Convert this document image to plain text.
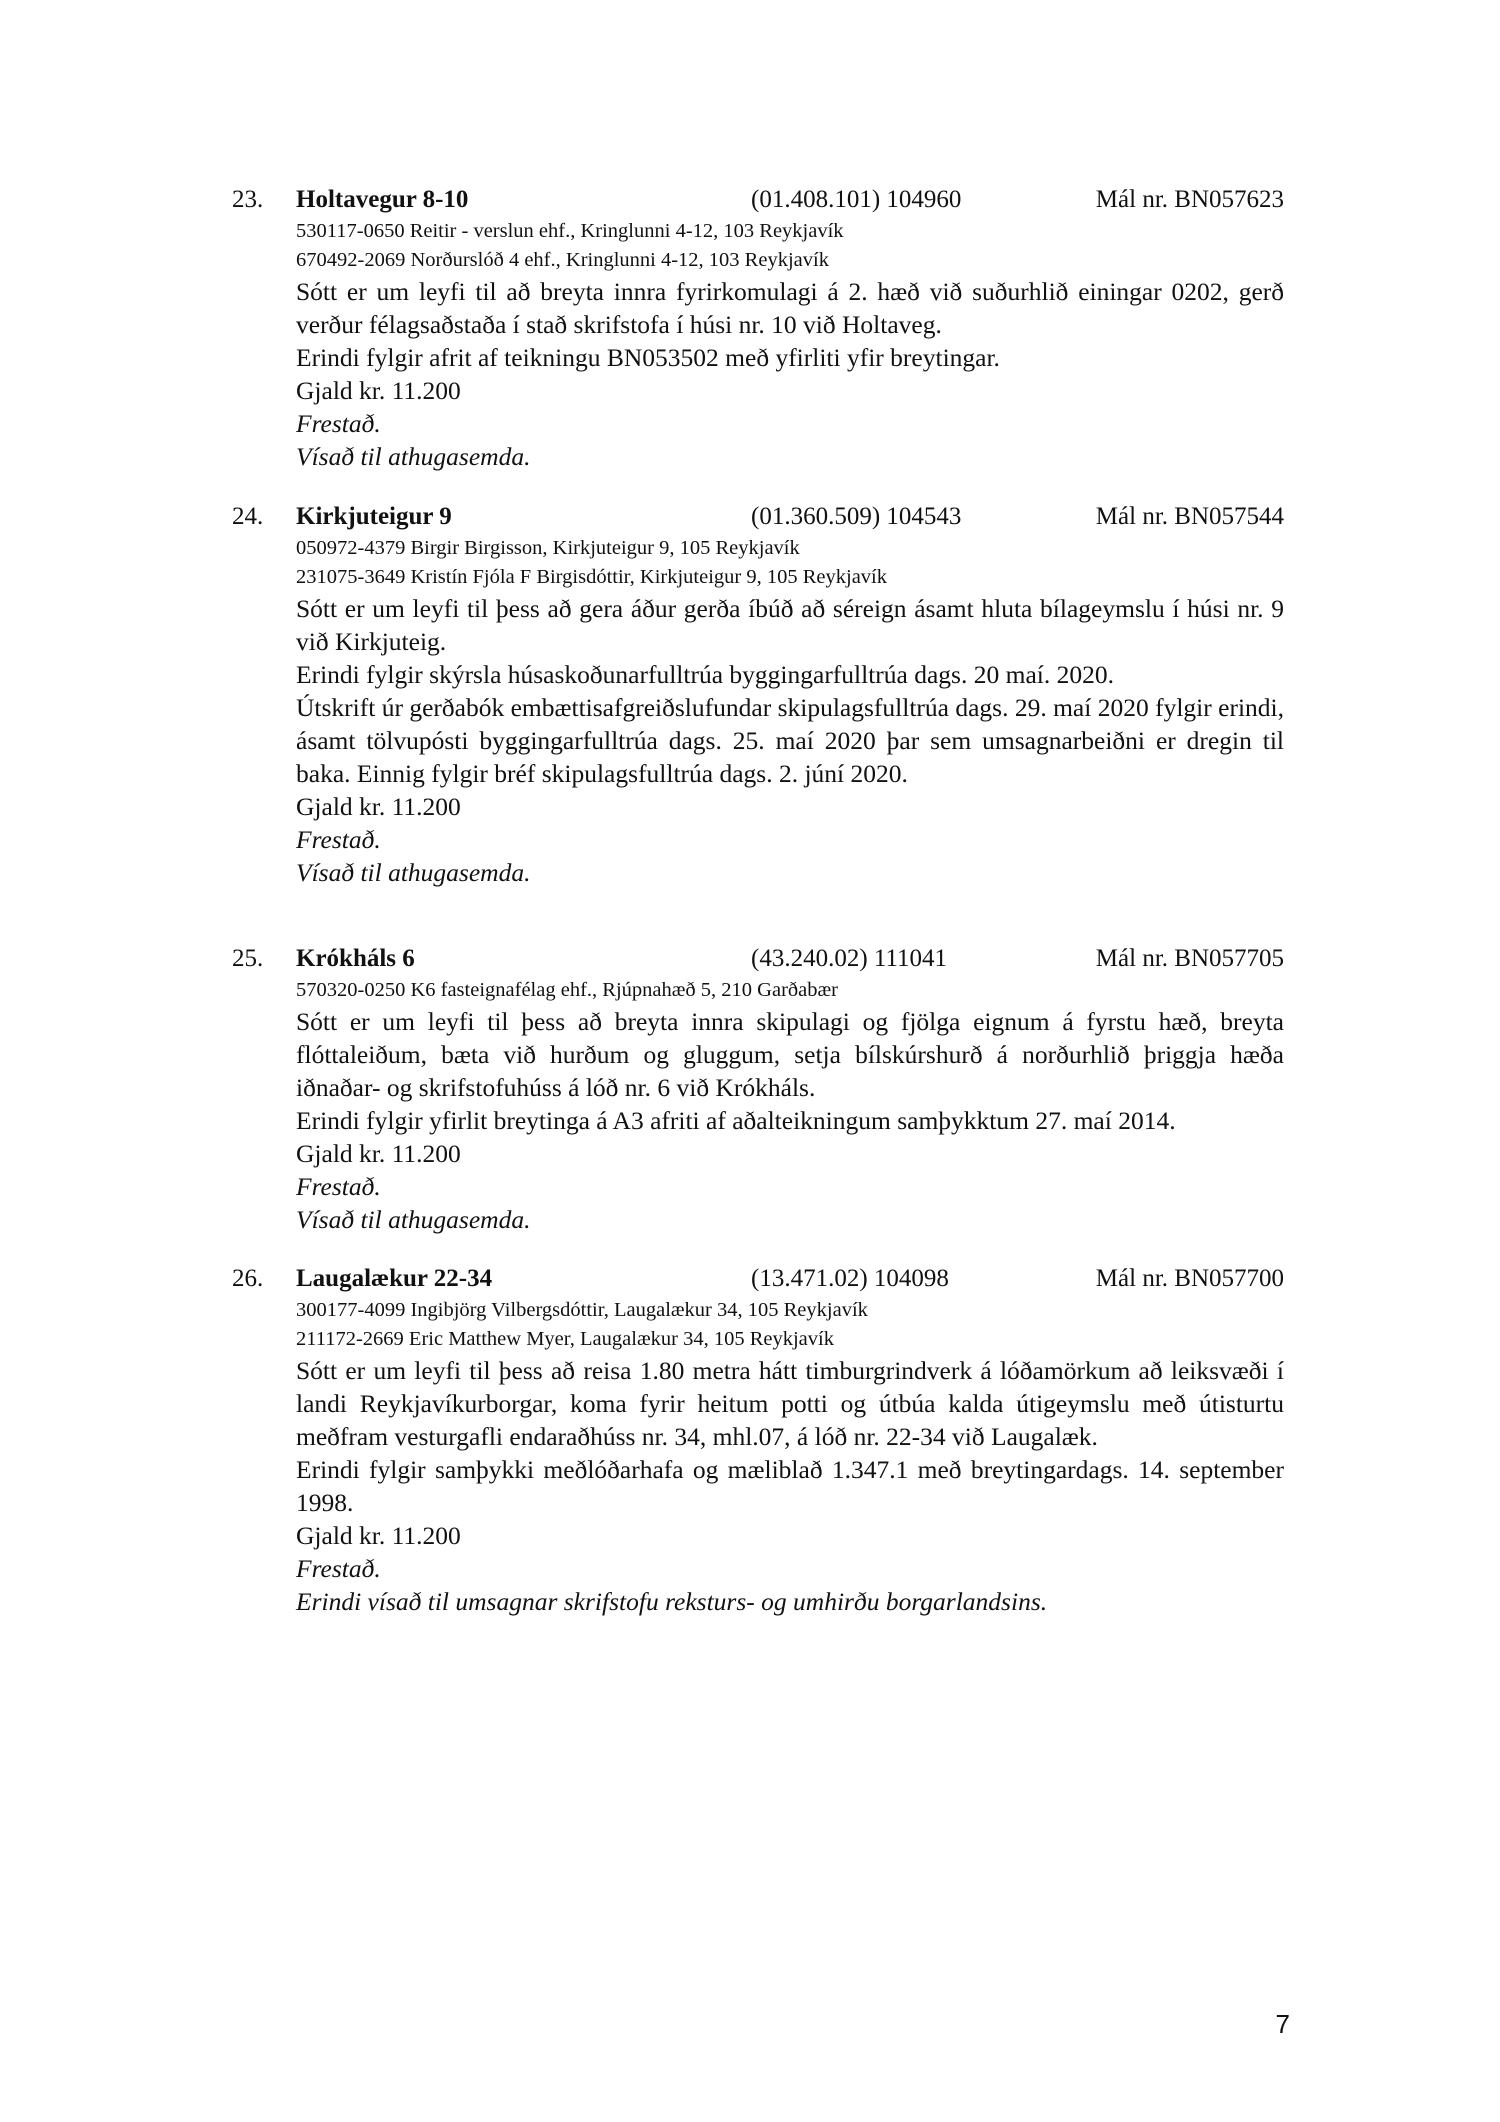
23. Holtavegur 8-10	(01.408.101) 104960	Mál nr. BN057623
530117-0650 Reitir - verslun ehf., Kringlunni 4-12, 103 Reykjavík
670492-2069 Norðurslóð 4 ehf., Kringlunni 4-12, 103 Reykjavík
Sótt er um leyfi til að breyta innra fyrirkomulagi á 2. hæð við suðurhlið einingar 0202, gerð verður félagsaðstaða í stað skrifstofa í húsi nr. 10 við Holtaveg.
Erindi fylgir afrit af teikningu BN053502 með yfirliti yfir breytingar.
Gjald kr. 11.200
Frestað.
Vísað til athugasemda.
24. Kirkjuteigur 9	(01.360.509) 104543	Mál nr. BN057544
050972-4379 Birgir Birgisson, Kirkjuteigur 9, 105 Reykjavík
231075-3649 Kristín Fjóla F Birgisdóttir, Kirkjuteigur 9, 105 Reykjavík
Sótt er um leyfi til þess að gera áður gerða íbúð að séreign ásamt hluta bílageymslu í húsi nr. 9 við Kirkjuteig.
Erindi fylgir skýrsla húsaskoðunarfulltrúa byggingarfulltrúa dags. 20 maí. 2020.
Útskrift úr gerðabók embættisafgreiðslufundar skipulagsfulltrúa dags. 29. maí 2020 fylgir erindi, ásamt tölvupósti byggingarfulltrúa dags. 25. maí 2020 þar sem umsagnarbeiðni er dregin til baka. Einnig fylgir bréf skipulagsfulltrúa dags. 2. júní 2020.
Gjald kr. 11.200
Frestað.
Vísað til athugasemda.
25. Krókháls 6	(43.240.02) 111041	Mál nr. BN057705
570320-0250 K6 fasteignafélag ehf., Rjúpnahæð 5, 210 Garðabær
Sótt er um leyfi til þess að breyta innra skipulagi og fjölga eignum á fyrstu hæð, breyta flóttaleiðum, bæta við hurðum og gluggum, setja bílskúrshurð á norðurhlið þriggja hæða iðnaðar- og skrifstofuhúss á lóð nr. 6 við Krókháls.
Erindi fylgir yfirlit breytinga á A3 afriti af aðalteikningum samþykktum 27. maí 2014.
Gjald kr. 11.200
Frestað.
Vísað til athugasemda.
26. Laugalækur 22-34	(13.471.02) 104098	Mál nr. BN057700
300177-4099 Ingibjörg Vilbergsdóttir, Laugalækur 34, 105 Reykjavík
211172-2669 Eric Matthew Myer, Laugalækur 34, 105 Reykjavík
Sótt er um leyfi til þess að reisa 1.80 metra hátt timburgrindverk á lóðamörkum að leiksvæði í landi Reykjavíkurborgar, koma fyrir heitum potti og útbúa kalda útigeymslu með útisturtu meðfram vesturgafli endaraðhúss nr. 34, mhl.07, á lóð nr. 22-34 við Laugalæk.
Erindi fylgir samþykki meðlóðarhafa og mæliblað 1.347.1 með breytingardags. 14. september 1998.
Gjald kr. 11.200
Frestað.
Erindi vísað til umsagnar skrifstofu reksturs- og umhirðu borgarlandsins.
7
